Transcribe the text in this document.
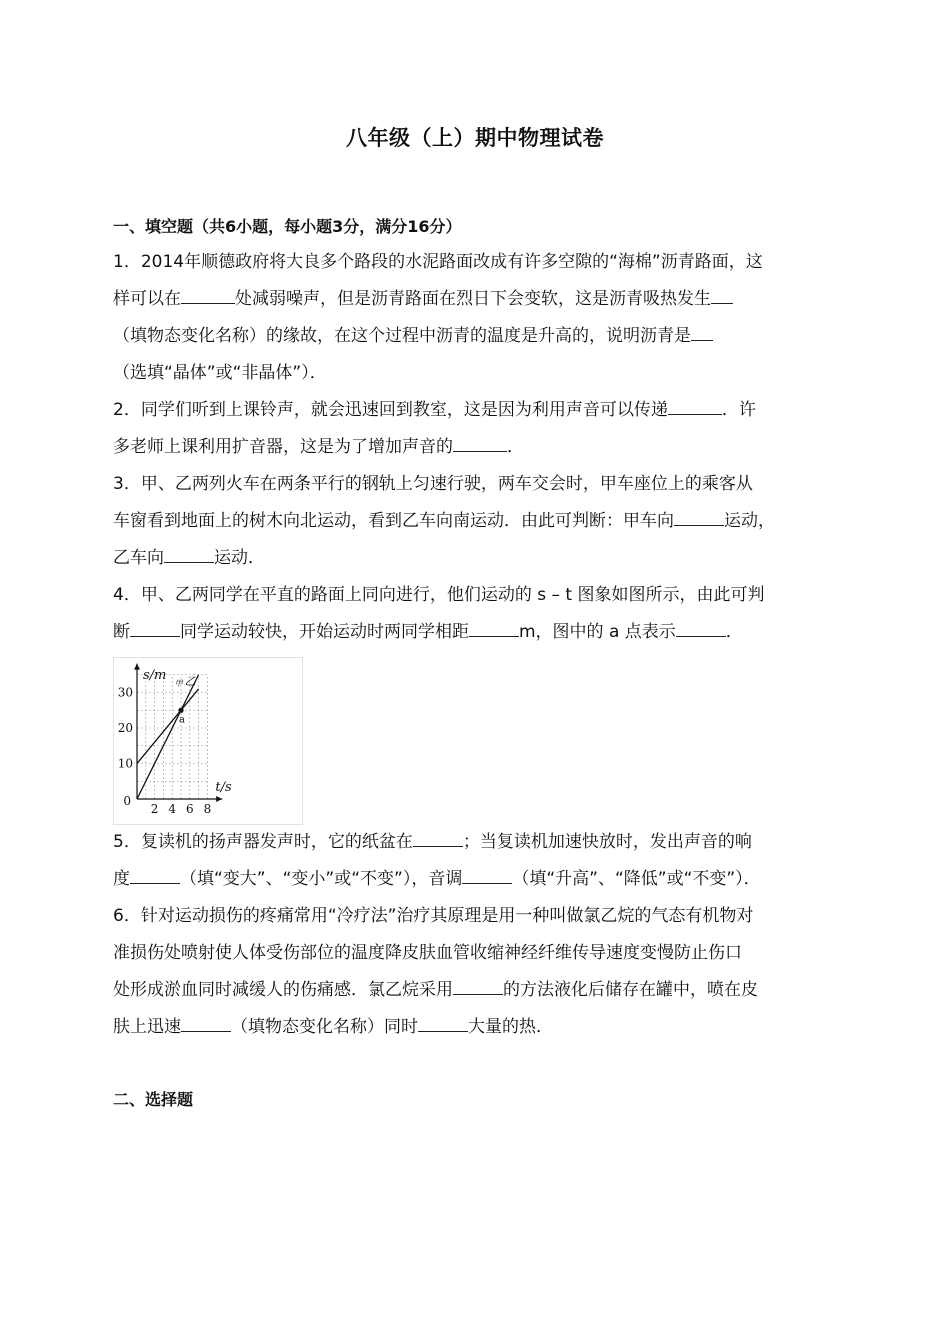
八年级（上）期中物理试卷
一、填空题（共6小题，每小题3分，满分16分）
1．2014年顺德政府将大良多个路段的水泥路面改成有许多空隙的“海棉”沥青路面，这
样可以在	处减弱噪声，但是沥青路面在烈日下会变软，这是沥青吸热发生
（填物态变化名称）的缘故，在这个过程中沥青的温度是升高的，说明沥青是
（选填“晶体”或“非晶体”）．
2．同学们听到上课铃声，就会迅速回到教室，这是因为利用声音可以传递	．许
多老师上课利用扩音器，这是为了增加声音的	．
3．甲、乙两列火车在两条平行的钢轨上匀速行驶，两车交会时，甲车座位上的乘客从
车窗看到地面上的树木向北运动，看到乙车向南运动．由此可判断：甲车向	运动，
乙车向	运动．
4．甲、乙两同学在平直的路面上同向进行，他们运动的 s – t 图象如图所示，由此可判
断	同学运动较快，开始运动时两同学相距	m，图中的 a 点表示	．
2 4 6 8
10
20
30
0
甲 乙
a
s/m
t/s
5．复读机的扬声器发声时，它的纸盆在	；当复读机加速快放时，发出声音的响
度	（填“变大”、“变小”或“不变”），音调	（填“升高”、“降低”或“不变”）．
6．针对运动损伤的疼痛常用“冷疗法”治疗其原理是用一种叫做氯乙烷的气态有机物对
准损伤处喷射使人体受伤部位的温度降皮肤血管收缩神经纤维传导速度变慢防止伤口
处形成淤血同时减缓人的伤痛感．氯乙烷采用	的方法液化后储存在罐中，喷在皮
肤上迅速	（填物态变化名称）同时	大量的热．
二、选择题
